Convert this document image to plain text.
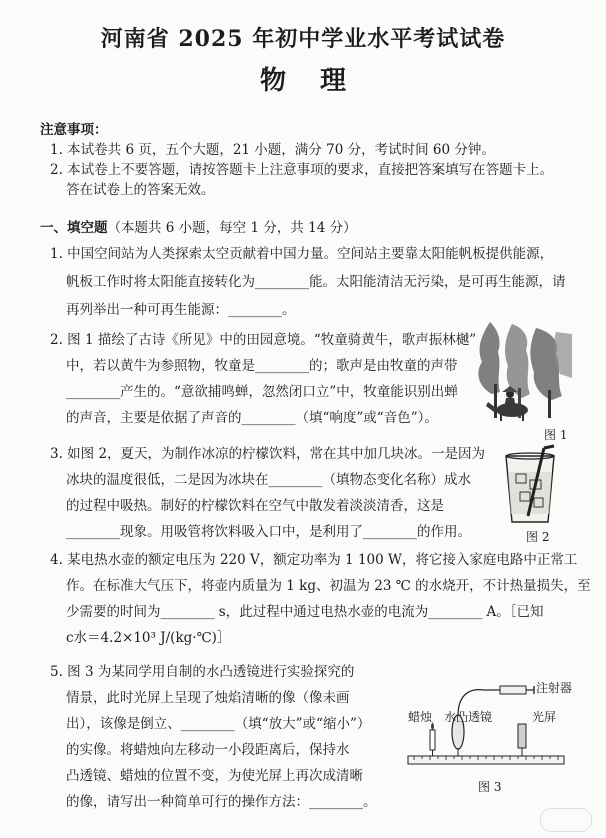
河南省 2025 年初中学业水平考试试卷
物理
注意事项：
1. 本试卷共 6 页，五个大题，21 小题，满分 70 分，考试时间 60 分钟。
2. 本试卷上不要答题，请按答题卡上注意事项的要求，直接把答案填写在答题卡上。
答在试卷上的答案无效。
一、填空题（本题共 6 小题，每空 1 分，共 14 分）
1. 中国空间站为人类探索太空贡献着中国力量。空间站主要靠太阳能帆板提供能源，
帆板工作时将太阳能直接转化为________能。太阳能清洁无污染，是可再生能源，请
再列举出一种可再生能源：________。
2. 图 1 描绘了古诗《所见》中的田园意境。“牧童骑黄牛，歌声振林樾”
中，若以黄牛为参照物，牧童是________的；歌声是由牧童的声带
________产生的。“意欲捕鸣蝉，忽然闭口立”中，牧童能识别出蝉
的声音，主要是依据了声音的________（填“响度”或“音色”）。
图 1
3. 如图 2，夏天，为制作冰凉的柠檬饮料，常在其中加几块冰。一是因为
冰块的温度很低，二是因为冰块在________（填物态变化名称）成水
的过程中吸热。制好的柠檬饮料在空气中散发着淡淡清香，这是
________现象。用吸管将饮料吸入口中，是利用了________的作用。	图 2
4. 某电热水壶的额定电压为 220 V，额定功率为 1 100 W，将它接入家庭电路中正常工
作。在标准大气压下，将壶内质量为 1 kg、初温为 23 ℃ 的水烧开，不计热量损失，至
少需要的时间为________ s，此过程中通过电热水壶的电流为________ A。［已知
c水＝4.2×10³ J/(kg·℃)］
5. 图 3 为某同学用自制的水凸透镜进行实验探究的
情景，此时光屏上呈现了烛焰清晰的像（像未画
出），该像是倒立、________（填“放大”或“缩小”）
的实像。将蜡烛向左移动一小段距离后，保持水
凸透镜、蜡烛的位置不变，为使光屏上再次成清晰
的像，请写出一种简单可行的操作方法：________。
注射器
蜡烛 水凸透镜	光屏
图 3
